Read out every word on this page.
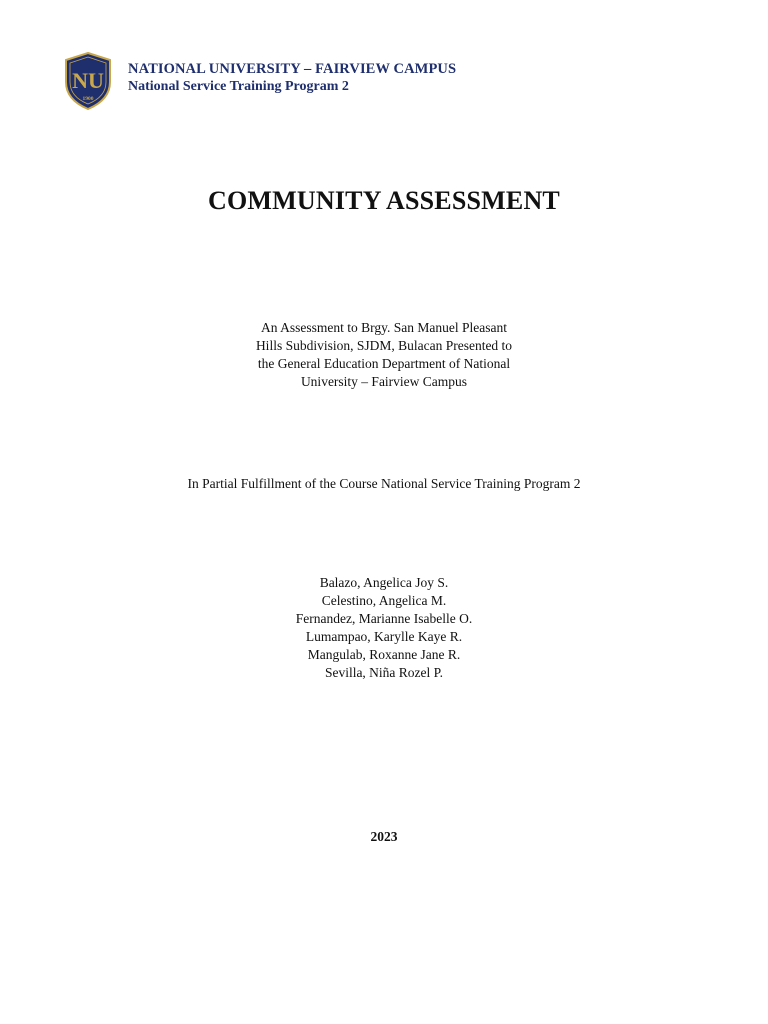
NU
1900
NATIONAL UNIVERSITY – FAIRVIEW CAMPUS
National Service Training Program 2
COMMUNITY ASSESSMENT
An Assessment to Brgy. San Manuel Pleasant
Hills Subdivision, SJDM, Bulacan Presented to
the General Education Department of National
University – Fairview Campus
In Partial Fulfillment of the Course National Service Training Program 2
Balazo, Angelica Joy S.
Celestino, Angelica M.
Fernandez, Marianne Isabelle O.
Lumampao, Karylle Kaye R.
Mangulab, Roxanne Jane R.
Sevilla, Niña Rozel P.
2023
